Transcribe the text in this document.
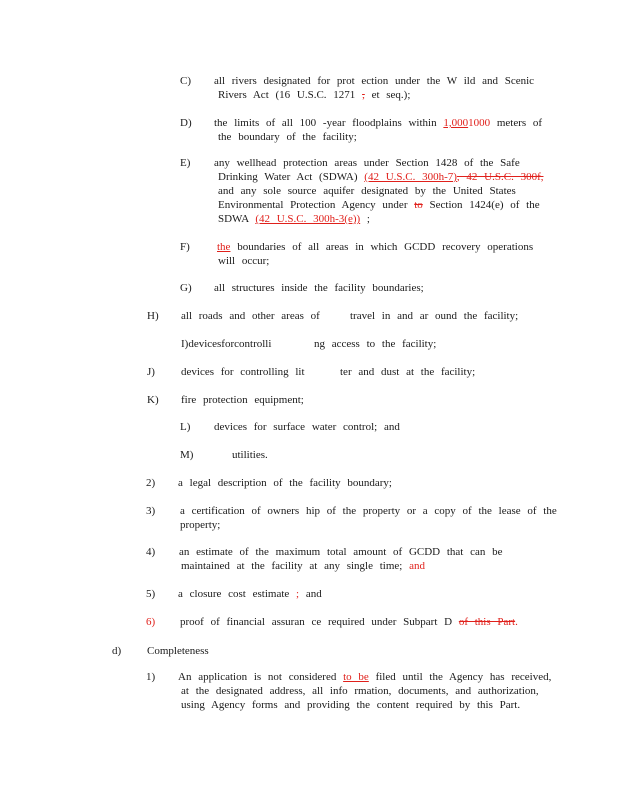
C) all rivers designated for prot ection under the W ild and Scenic
Rivers Act (16 U.S.C. 1271 , et seq.);
D) the limits of all 100 -year floodplains within 1,0001000 meters of
the boundary of the facility;
E) any wellhead protection areas under Section 1428 of the Safe
Drinking Water Act (SDWA) (42 U.S.C. 300h-7), 42 U.S.C. 300f,
and any sole source aquifer designated by the United States
Environmental Protection Agency under to Section 1424(e) of the
SDWA (42 U.S.C. 300h-3(e)) ;
F) the boundaries of all areas in which GCDD recovery operations
will occur;
G) all structures inside the facility boundaries;
H) all roads and other areas of	travel in and ar ound the facility;
I)devicesforcontrolli	ng access to the facility;
J) devices for controlling lit	ter and dust at the facility;
K) fire protection equipment;
L) devices for surface water control; and
M)	utilities.
2) a legal description of the facility boundary;
3) a certification of owners hip of the property or a copy of the lease of the
property;
4) an estimate of the maximum total amount of GCDD that can be
maintained at the facility at any single time; and
5) a closure cost estimate ; and
6) proof of financial assuran ce required under Subpart D of this Part.
d) Completeness
1) An application is not considered to be filed until the Agency has received,
at the designated address, all info rmation, documents, and authorization,
using Agency forms and providing the content required by this Part.
